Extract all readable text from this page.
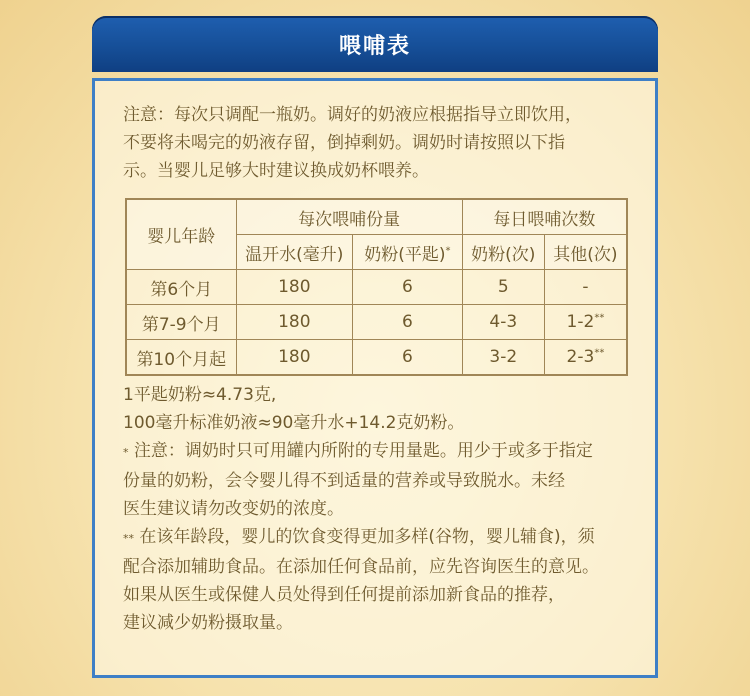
喂哺表

注意：每次只调配一瓶奶。调好的奶液应根据指导立即饮用，

不要将未喝完的奶液存留，倒掉剩奶。调奶时请按照以下指

示。当婴儿足够大时建议换成奶杯喂养。

婴儿年龄	每次喂哺份量		每日喂哺次数	
	温开水(毫升)	奶粉(平匙)*	奶粉(次)	其他(次)
第6个月	180	6	5	-
第7-9个月	180	6	4-3	1-2**
第10个月起	180	6	3-2	2-3**

1平匙奶粉≈4.73克,

100毫升标准奶液≈90毫升水+14.2克奶粉。

* 注意：调奶时只可用罐内所附的专用量匙。用少于或多于指定

份量的奶粉，会令婴儿得不到适量的营养或导致脱水。未经

医生建议请勿改变奶的浓度。

** 在该年龄段，婴儿的饮食变得更加多样(谷物，婴儿辅食)，须

配合添加辅助食品。在添加任何食品前，应先咨询医生的意见。

如果从医生或保健人员处得到任何提前添加新食品的推荐，

建议减少奶粉摄取量。
